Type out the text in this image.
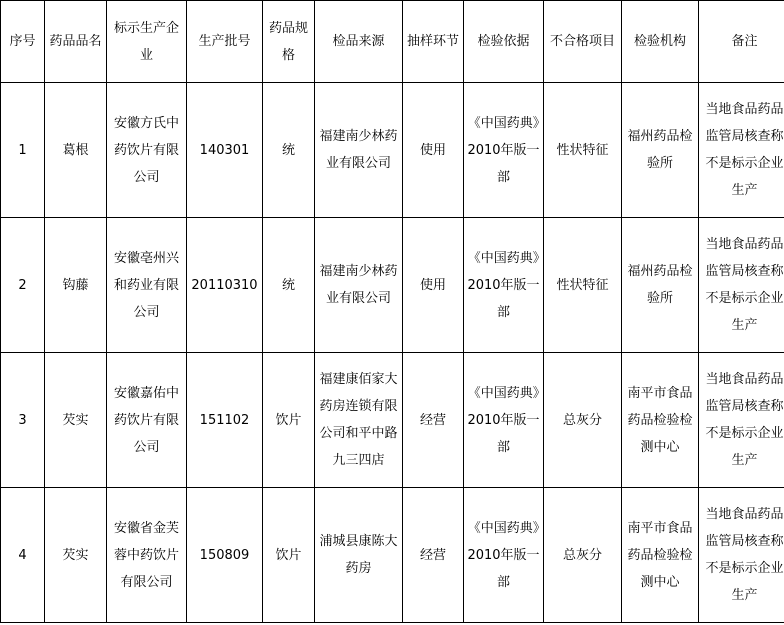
序号	药品品名	标示生产企业	生产批号	药品规格	检品来源	抽样环节	检验依据	不合格项目	检验机构	备注
1	葛根	安徽方氏中药饮片有限公司	140301	统	福建南少林药业有限公司	使用	《中国药典》2010年版一部	性状特征	福州药品检验所	当地食品药品监管局核查称不是标示企业生产
2	钩藤	安徽亳州兴和药业有限公司	20110310	统	福建南少林药业有限公司	使用	《中国药典》2010年版一部	性状特征	福州药品检验所	当地食品药品监管局核查称不是标示企业生产
3	芡实	安徽嘉佑中药饮片有限公司	151102	饮片	福建康佰家大药房连锁有限公司和平中路九三四店	经营	《中国药典》2010年版一部	总灰分	南平市食品药品检验检测中心	当地食品药品监管局核查称不是标示企业生产
4	芡实	安徽省金芙蓉中药饮片有限公司	150809	饮片	浦城县康陈大药房	经营	《中国药典》2010年版一部	总灰分	南平市食品药品检验检测中心	当地食品药品监管局核查称不是标示企业生产
